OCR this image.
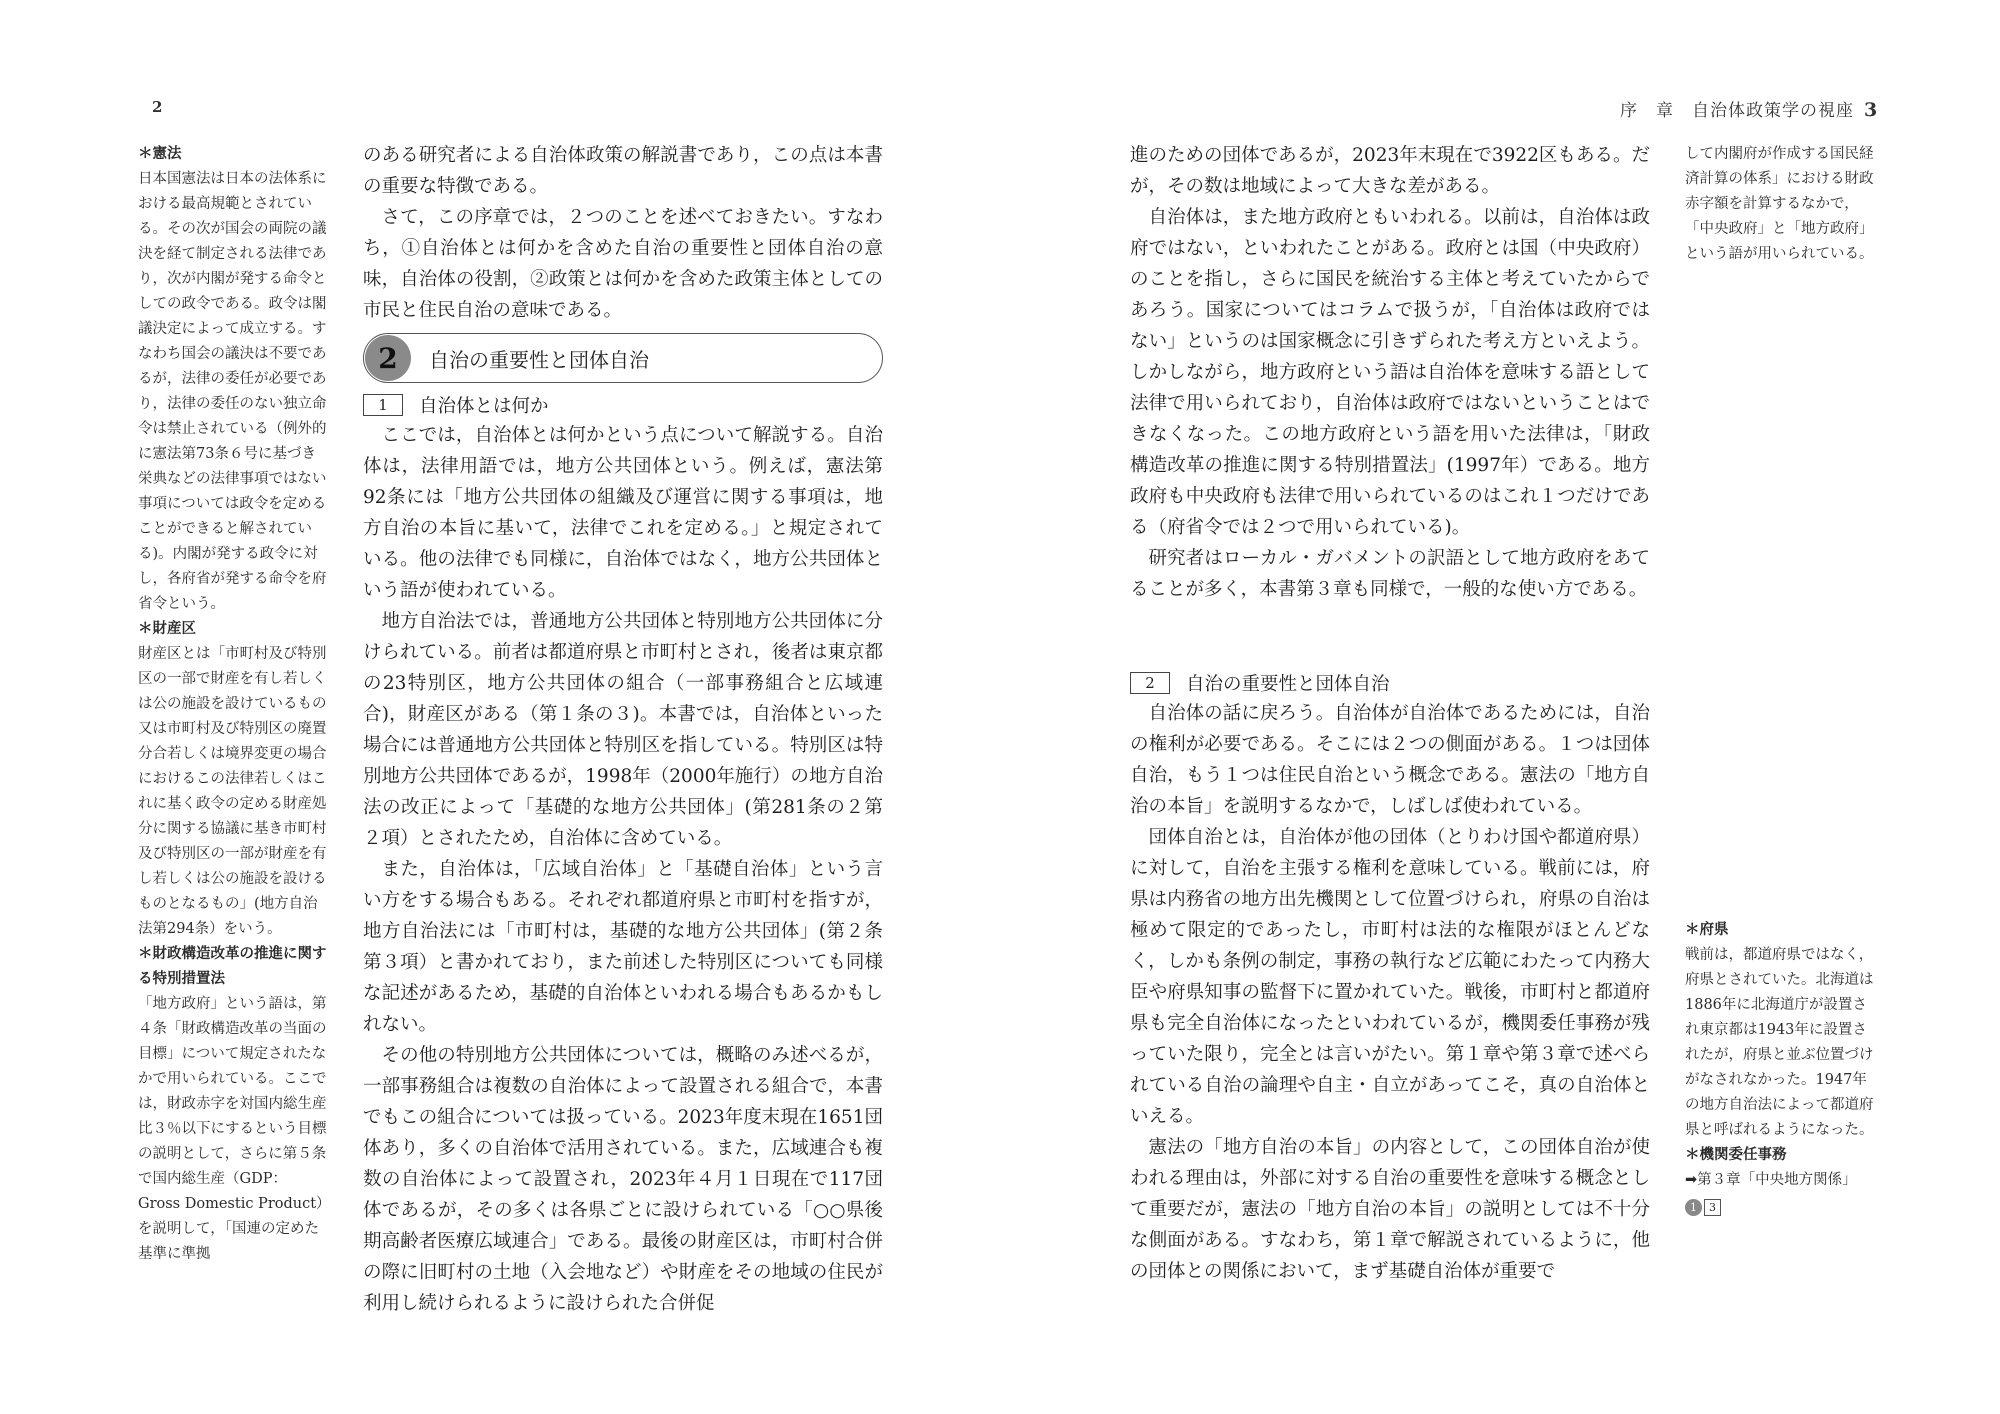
2
＊憲法
日本国憲法は日本の法体系における最高規範とされている。その次が国会の両院の議決を経て制定される法律であり，次が内閣が発する命令としての政令である。政令は閣議決定によって成立する。すなわち国会の議決は不要であるが，法律の委任が必要であり，法律の委任のない独立命令は禁止されている（例外的に憲法第73条６号に基づき栄典などの法律事項ではない事項については政令を定めることができると解されている)。内閣が発する政令に対し，各府省が発する命令を府省令という。
＊財産区
財産区とは「市町村及び特別区の一部で財産を有し若しくは公の施設を設けているもの又は市町村及び特別区の廃置分合若しくは境界変更の場合におけるこの法律若しくはこれに基く政令の定める財産処分に関する協議に基き市町村及び特別区の一部が財産を有し若しくは公の施設を設けるものとなるもの」(地方自治法第294条）をいう。
＊財政構造改革の推進に関する特別措置法
「地方政府」という語は，第４条「財政構造改革の当面の目標」について規定されたなかで用いられている。ここでは，財政赤字を対国内総生産比３％以下にするという目標の説明として，さらに第５条で国内総生産（GDP：Gross Domestic Product）を説明して，「国連の定めた基準に準拠

のある研究者による自治体政策の解説書であり，この点は本書の重要な特徴である。

さて，この序章では，２つのことを述べておきたい。すなわち，①自治体とは何かを含めた自治の重要性と団体自治の意味，自治体の役割，②政策とは何かを含めた政策主体としての市民と住民自治の意味である。

2	自治の重要性と団体自治
1	自治体とは何か

ここでは，自治体とは何かという点について解説する。自治体は，法律用語では，地方公共団体という。例えば，憲法第92条には「地方公共団体の組織及び運営に関する事項は，地方自治の本旨に基いて，法律でこれを定める。」と規定されている。他の法律でも同様に，自治体ではなく，地方公共団体という語が使われている。

地方自治法では，普通地方公共団体と特別地方公共団体に分けられている。前者は都道府県と市町村とされ，後者は東京都の23特別区，地方公共団体の組合（一部事務組合と広域連合)，財産区がある（第１条の３)。本書では，自治体といった場合には普通地方公共団体と特別区を指している。特別区は特別地方公共団体であるが，1998年（2000年施行）の地方自治法の改正によって「基礎的な地方公共団体」(第281条の２第２項）とされたため，自治体に含めている。

また，自治体は，「広域自治体」と「基礎自治体」という言い方をする場合もある。それぞれ都道府県と市町村を指すが，地方自治法には「市町村は，基礎的な地方公共団体」(第２条第３項）と書かれており，また前述した特別区についても同様な記述があるため，基礎的自治体といわれる場合もあるかもしれない。

その他の特別地方公共団体については，概略のみ述べるが，一部事務組合は複数の自治体によって設置される組合で，本書でもこの組合については扱っている。2023年度末現在1651団体あり，多くの自治体で活用されている。また，広域連合も複数の自治体によって設置され，2023年４月１日現在で117団体であるが，その多くは各県ごとに設けられている「○○県後期高齢者医療広域連合」である。最後の財産区は，市町村合併の際に旧町村の土地（入会地など）や財産をその地域の住民が利用し続けられるように設けられた合併促

序　章　自治体政策学の視座 3

進のための団体であるが，2023年末現在で3922区もある。だが，その数は地域によって大きな差がある。

自治体は，また地方政府ともいわれる。以前は，自治体は政府ではない，といわれたことがある。政府とは国（中央政府）のことを指し，さらに国民を統治する主体と考えていたからであろう。国家についてはコラムで扱うが，「自治体は政府ではない」というのは国家概念に引きずられた考え方といえよう。しかしながら，地方政府という語は自治体を意味する語として法律で用いられており，自治体は政府ではないということはできなくなった。この地方政府という語を用いた法律は，「財政構造改革の推進に関する特別措置法」(1997年）である。地方政府も中央政府も法律で用いられているのはこれ１つだけである（府省令では２つで用いられている)。

研究者はローカル・ガバメントの訳語として地方政府をあてることが多く，本書第３章も同様で，一般的な使い方である。

2	自治の重要性と団体自治

自治体の話に戻ろう。自治体が自治体であるためには，自治の権利が必要である。そこには２つの側面がある。１つは団体自治，もう１つは住民自治という概念である。憲法の「地方自治の本旨」を説明するなかで，しばしば使われている。

団体自治とは，自治体が他の団体（とりわけ国や都道府県）に対して，自治を主張する権利を意味している。戦前には，府県は内務省の地方出先機関として位置づけられ，府県の自治は極めて限定的であったし，市町村は法的な権限がほとんどなく，しかも条例の制定，事務の執行など広範にわたって内務大臣や府県知事の監督下に置かれていた。戦後，市町村と都道府県も完全自治体になったといわれているが，機関委任事務が残っていた限り，完全とは言いがたい。第１章や第３章で述べられている自治の論理や自主・自立があってこそ，真の自治体といえる。

憲法の「地方自治の本旨」の内容として，この団体自治が使われる理由は，外部に対する自治の重要性を意味する概念として重要だが，憲法の「地方自治の本旨」の説明としては不十分な側面がある。すなわち，第１章で解説されているように，他の団体との関係において，まず基礎自治体が重要で

して内閣府が作成する国民経済計算の体系」における財政赤字額を計算するなかで，「中央政府」と「地方政府」という語が用いられている。
＊府県
戦前は，都道府県ではなく，府県とされていた。北海道は1886年に北海道庁が設置され東京都は1943年に設置されたが，府県と並ぶ位置づけがなされなかった。1947年の地方自治法によって都道府県と呼ばれるようになった。
＊機関委任事務
➡第３章「中央地方関係」
1 3
